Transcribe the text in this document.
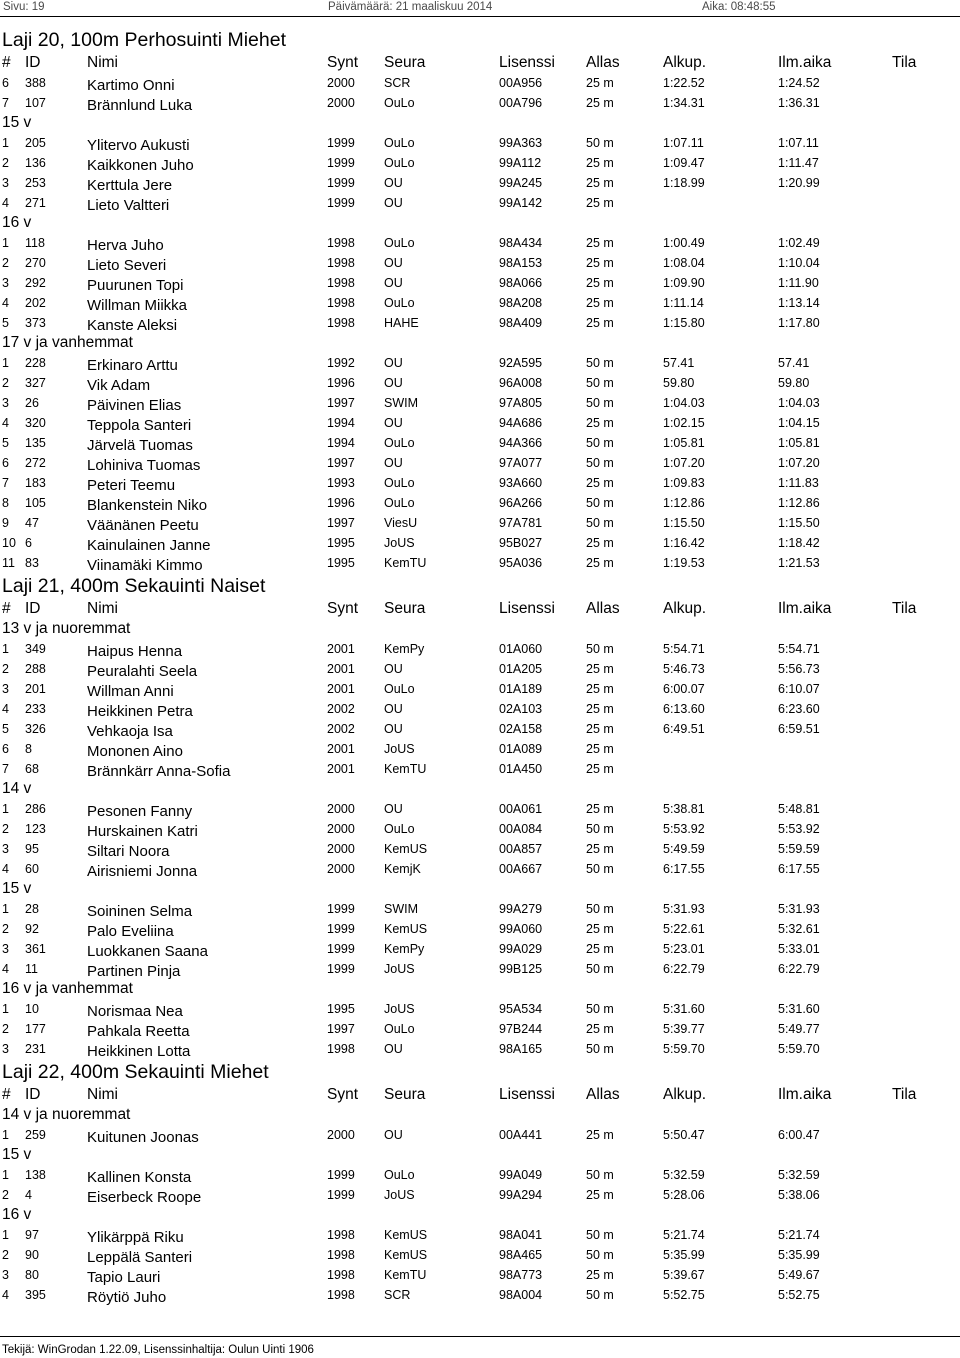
Sivu: 19	Päivämäärä: 21 maaliskuu 2014	Aika: 08:48:55
Laji 20, 100m Perhosuinti Miehet
# ID	Nimi	Synt Seura	Lisenssi Allas	Alkup.	Ilm.aika	Tila
6 388	Kartimo Onni	2000 SCR	00A956	25 m	1:22.52	1:24.52
7 107	Brännlund Luka	2000 OuLo	00A796	25 m	1:34.31	1:36.31
15 v
1 205	Ylitervo Aukusti	1999 OuLo	99A363	50 m	1:07.11	1:07.11
2 136	Kaikkonen Juho	1999 OuLo	99A112	25 m	1:09.47	1:11.47
3 253	Kerttula Jere	1999 OU	99A245	25 m	1:18.99	1:20.99
4 271	Lieto Valtteri	1999 OU	99A142	25 m
16 v
1 118	Herva Juho	1998 OuLo	98A434	25 m	1:00.49	1:02.49
2 270	Lieto Severi	1998 OU	98A153	25 m	1:08.04	1:10.04
3 292	Puurunen Topi	1998 OU	98A066	25 m	1:09.90	1:11.90
4 202	Willman Miikka	1998 OuLo	98A208	25 m	1:11.14	1:13.14
5 373	Kanste Aleksi	1998 HAHE	98A409	25 m	1:15.80	1:17.80
17 v ja vanhemmat
1 228	Erkinaro Arttu	1992 OU	92A595	50 m	57.41	57.41
2 327	Vik Adam	1996 OU	96A008	50 m	59.80	59.80
3 26	Päivinen Elias	1997 SWIM	97A805	50 m	1:04.03	1:04.03
4 320	Teppola Santeri	1994 OU	94A686	25 m	1:02.15	1:04.15
5 135	Järvelä Tuomas	1994 OuLo	94A366	50 m	1:05.81	1:05.81
6 272	Lohiniva Tuomas	1997 OU	97A077	50 m	1:07.20	1:07.20
7 183	Peteri Teemu	1993 OuLo	93A660	25 m	1:09.83	1:11.83
8 105	Blankenstein Niko	1996 OuLo	96A266	50 m	1:12.86	1:12.86
9 47	Väänänen Peetu	1997 ViesU	97A781	50 m	1:15.50	1:15.50
10 6	Kainulainen Janne	1995 JoUS	95B027	25 m	1:16.42	1:18.42
11 83	Viinamäki Kimmo	1995 KemTU	95A036	25 m	1:19.53	1:21.53
Laji 21, 400m Sekauinti Naiset
# ID	Nimi	Synt Seura	Lisenssi Allas	Alkup.	Ilm.aika	Tila
13 v ja nuoremmat
1 349	Haipus Henna	2001 KemPy	01A060	50 m	5:54.71	5:54.71
2 288	Peuralahti Seela	2001 OU	01A205	25 m	5:46.73	5:56.73
3 201	Willman Anni	2001 OuLo	01A189	25 m	6:00.07	6:10.07
4 233	Heikkinen Petra	2002 OU	02A103	25 m	6:13.60	6:23.60
5 326	Vehkaoja Isa	2002 OU	02A158	25 m	6:49.51	6:59.51
6 8	Mononen Aino	2001 JoUS	01A089	25 m
7 68	Brännkärr Anna-Sofia	2001 KemTU	01A450	25 m
14 v
1 286	Pesonen Fanny	2000 OU	00A061	25 m	5:38.81	5:48.81
2 123	Hurskainen Katri	2000 OuLo	00A084	50 m	5:53.92	5:53.92
3 95	Siltari Noora	2000 KemUS	00A857	25 m	5:49.59	5:59.59
4 60	Airisniemi Jonna	2000 KemjK	00A667	50 m	6:17.55	6:17.55
15 v
1 28	Soininen Selma	1999 SWIM	99A279	50 m	5:31.93	5:31.93
2 92	Palo Eveliina	1999 KemUS	99A060	25 m	5:22.61	5:32.61
3 361	Luokkanen Saana	1999 KemPy	99A029	25 m	5:23.01	5:33.01
4 11	Partinen Pinja	1999 JoUS	99B125	50 m	6:22.79	6:22.79
16 v ja vanhemmat
1 10	Norismaa Nea	1995 JoUS	95A534	50 m	5:31.60	5:31.60
2 177	Pahkala Reetta	1997 OuLo	97B244	25 m	5:39.77	5:49.77
3 231	Heikkinen Lotta	1998 OU	98A165	50 m	5:59.70	5:59.70
Laji 22, 400m Sekauinti Miehet
# ID	Nimi	Synt Seura	Lisenssi Allas	Alkup.	Ilm.aika	Tila
14 v ja nuoremmat
1 259	Kuitunen Joonas	2000 OU	00A441	25 m	5:50.47	6:00.47
15 v
1 138	Kallinen Konsta	1999 OuLo	99A049	50 m	5:32.59	5:32.59
2 4	Eiserbeck Roope	1999 JoUS	99A294	25 m	5:28.06	5:38.06
16 v
1 97	Ylikärppä Riku	1998 KemUS	98A041	50 m	5:21.74	5:21.74
2 90	Leppälä Santeri	1998 KemUS	98A465	50 m	5:35.99	5:35.99
3 80	Tapio Lauri	1998 KemTU	98A773	25 m	5:39.67	5:49.67
4 395	Röytiö Juho	1998 SCR	98A004	50 m	5:52.75	5:52.75
Tekijä: WinGrodan 1.22.09, Lisenssinhaltija: Oulun Uinti 1906
